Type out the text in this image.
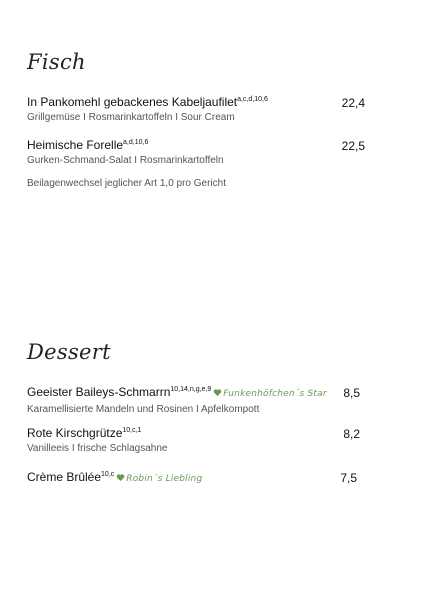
Fisch
In Pankomehl gebackenes Kabeljaufilet$^{a,c,d,10,6}$
Grillgemüse I Rosmarinkartoffeln I Sour Cream
22,4
Heimische Forelle$^{a,d,10,6}$
Gurken-Schmand-Salat I Rosmarinkartoffeln
22,5
Beilagenwechsel jeglicher Art 1,0 pro Gericht
Dessert
Geeister Baileys-Schmarrn$^{10,14,n,g,e,9}$ Funkenhöfchen´s Star
Karamellisierte Mandeln und Rosinen I Apfelkompott
8,5
Rote Kirschgrütze$^{10,c,1}$
Vanilleeis I frische Schlagsahne
8,2
Crème Brûlée$^{10,c}$ Robin´s Liebling	7,5
